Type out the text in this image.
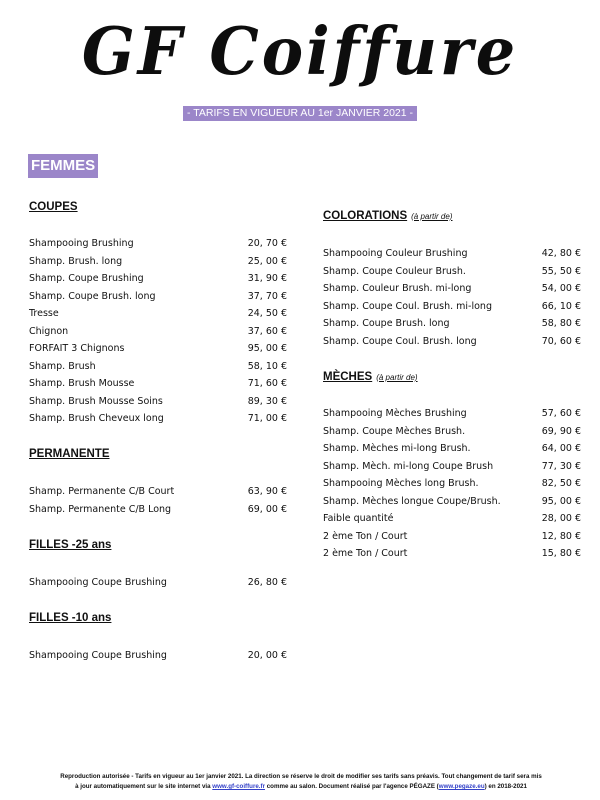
GF Coiffure
- TARIFS EN VIGUEUR AU 1er JANVIER 2021 -
FEMMES
COUPES
Shampooing Brushing	20, 70 €
Shamp. Brush. long	25, 00 €
Shamp. Coupe Brushing	31, 90 €
Shamp. Coupe Brush. long	37, 70 €
Tresse	24, 50 €
Chignon	37, 60 €
FORFAIT 3 Chignons	95, 00 €
Shamp. Brush	58, 10 €
Shamp. Brush Mousse	71, 60 €
Shamp. Brush Mousse Soins	89, 30 €
Shamp. Brush Cheveux long	71, 00 €
PERMANENTE
Shamp. Permanente C/B Court	63, 90 €
Shamp. Permanente C/B Long	69, 00 €
FILLES -25 ans
Shampooing Coupe Brushing	26, 80 €
FILLES -10 ans
Shampooing Coupe Brushing	20, 00 €
COLORATIONS (à partir de)
Shampooing Couleur Brushing	42, 80 €
Shamp. Coupe Couleur Brush.	55, 50 €
Shamp. Couleur Brush. mi-long	54, 00 €
Shamp. Coupe Coul. Brush. mi-long	66, 10 €
Shamp. Coupe Brush. long	58, 80 €
Shamp. Coupe Coul. Brush. long	70, 60 €
MÈCHES (à partir de)
Shampooing Mèches Brushing	57, 60 €
Shamp. Coupe Mèches Brush.	69, 90 €
Shamp. Mèches mi-long Brush.	64, 00 €
Shamp. Mèch. mi-long Coupe Brush	77, 30 €
Shampooing Mèches long Brush.	82, 50 €
Shamp. Mèches longue Coupe/Brush.	95, 00 €
Faible quantité	28, 00 €
2 ème Ton / Court	12, 80 €
2 ème Ton / Court	15, 80 €
Reproduction autorisée - Tarifs en vigueur au 1er janvier 2021. La direction se réserve le droit de modifier ses tarifs sans préavis. Tout changement de tarif sera mis
à jour automatiquement sur le site internet via www.gf-coiffure.fr comme au salon. Document réalisé par l'agence PÉGAZE (www.pegaze.eu) en 2018-2021
